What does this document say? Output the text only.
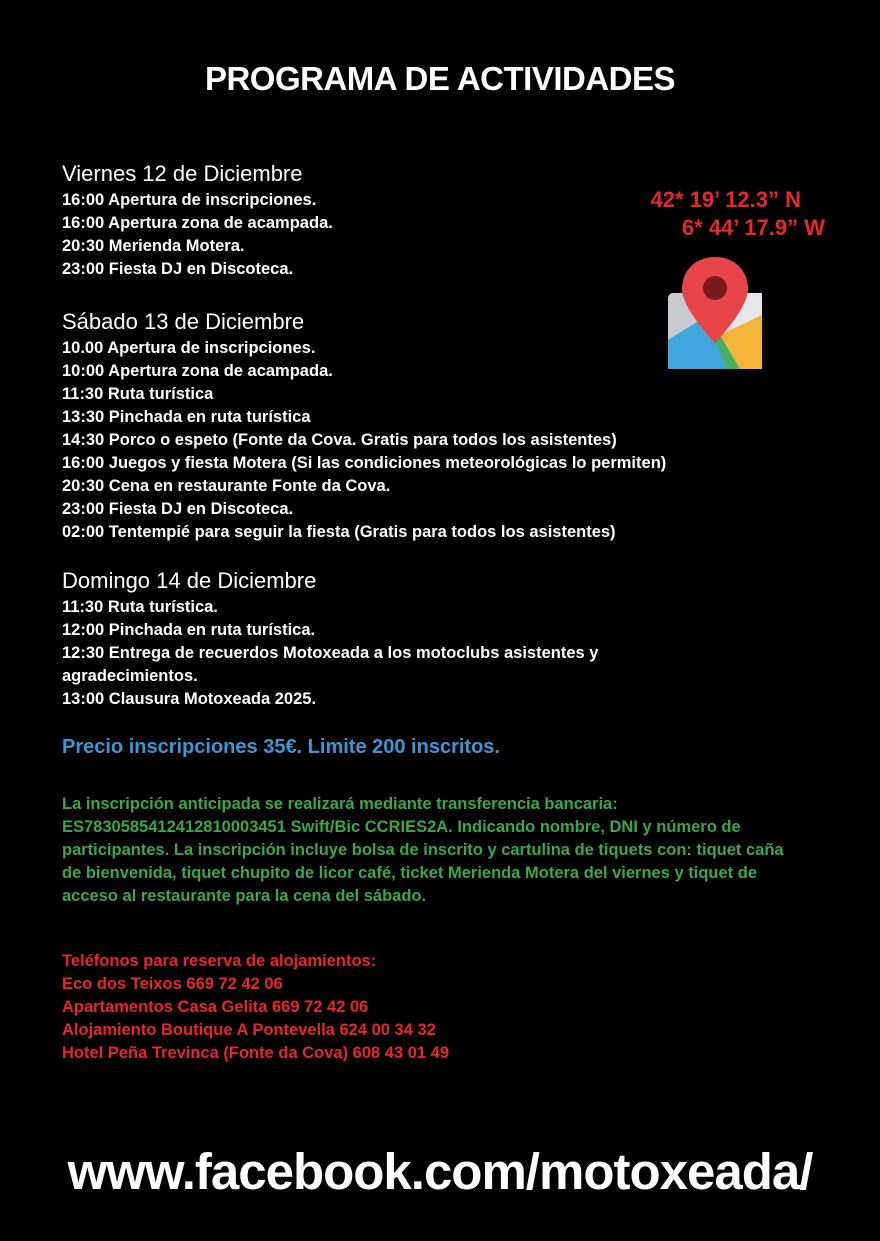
PROGRAMA DE ACTIVIDADES
Viernes 12 de Diciembre
16:00 Apertura de inscripciones.
16:00 Apertura zona de acampada.
20:30 Merienda Motera.
23:00 Fiesta DJ en Discoteca.
Sábado 13 de Diciembre
10.00 Apertura de inscripciones.
10:00 Apertura zona de acampada.
11:30 Ruta turística
13:30 Pinchada en ruta turística
14:30 Porco o espeto (Fonte da Cova. Gratis para todos los asistentes)
16:00 Juegos y fiesta Motera (Si las condiciones meteorológicas lo permiten)
20:30 Cena en restaurante Fonte da Cova.
23:00 Fiesta DJ en Discoteca.
02:00 Tentempié para seguir la fiesta (Gratis para todos los asistentes)
Domingo 14 de Diciembre
11:30 Ruta turística.
12:00 Pinchada en ruta turística.
12:30 Entrega de recuerdos Motoxeada a los motoclubs asistentes y agradecimientos.
13:00 Clausura Motoxeada 2025.
Precio inscripciones 35€. Limite 200 inscritos.
La inscripción anticipada se realizará mediante transferencia bancaria: ES7830585412412810003451 Swift/Bic CCRIES2A. Indicando nombre, DNI y número de participantes. La inscripción incluye bolsa de inscrito y cartulina de tiquets con: tiquet caña de bienvenida, tiquet chupito de licor café, ticket Merienda Motera del viernes y tiquet de acceso al restaurante para la cena del sábado.
Teléfonos para reserva de alojamientos:
Eco dos Teixos 669 72 42 06
Apartamentos Casa Gelita 669 72 42 06
Alojamiento Boutique A Pontevella 624 00 34 32
Hotel Peña Trevinca (Fonte da Cova) 608 43 01 49
42* 19’ 12.3” N
6* 44’ 17.9” W
www.facebook.com/motoxeada/
